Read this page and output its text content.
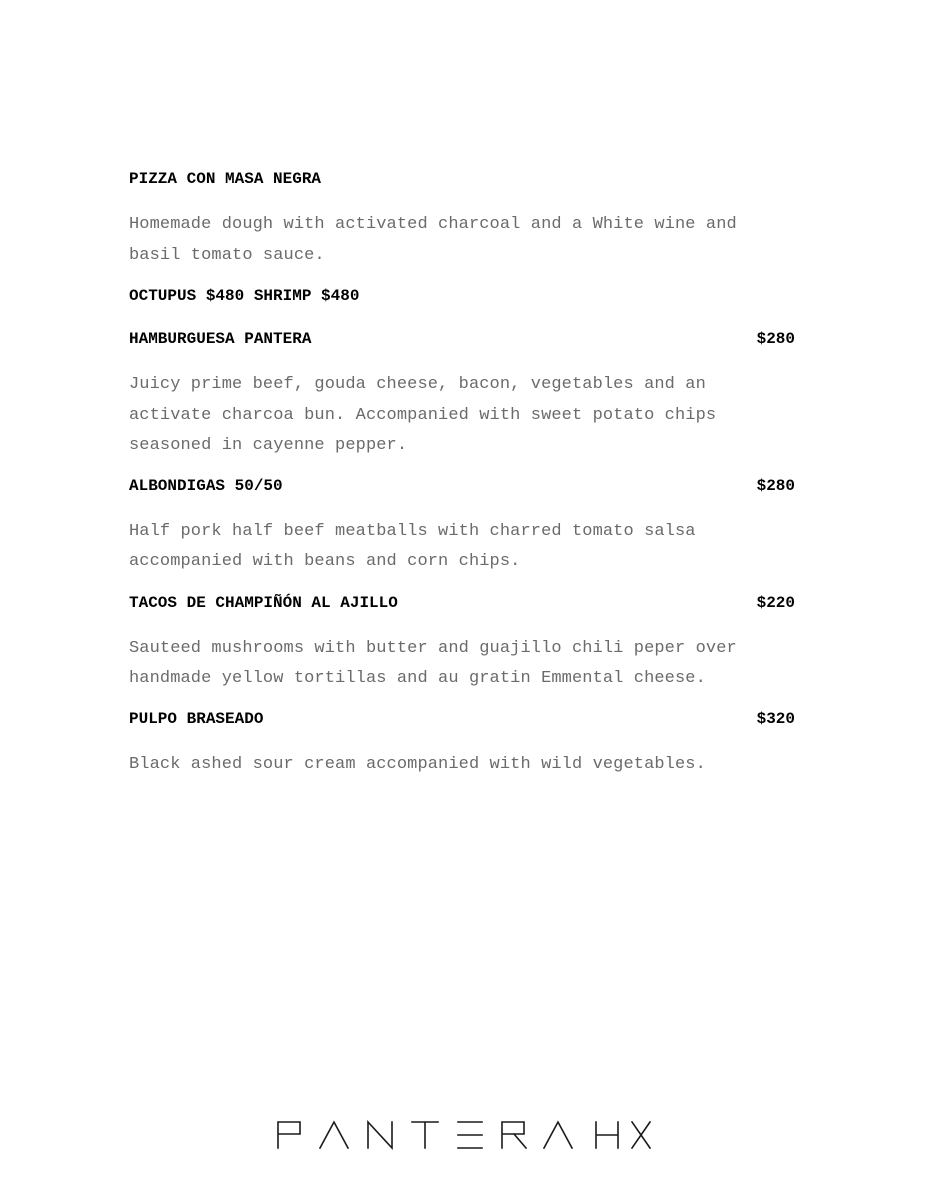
PIZZA CON MASA NEGRA

Homemade dough with activated charcoal and a White wine and basil tomato sauce.

OCTUPUS $480 SHRIMP $480
HAMBURGUESA PANTERA	$280

Juicy prime beef, gouda cheese, bacon, vegetables and an activate charcoa bun. Accompanied with sweet potato chips seasoned in cayenne pepper.

ALBONDIGAS 50/50	$280

Half pork half beef meatballs with charred tomato salsa accompanied with beans and corn chips.

TACOS DE CHAMPIÑÓN AL AJILLO	$220

Sauteed mushrooms with butter and guajillo chili peper over handmade yellow tortillas and au gratin Emmental cheese.

PULPO BRASEADO	$320

Black ashed sour cream accompanied with wild vegetables.
